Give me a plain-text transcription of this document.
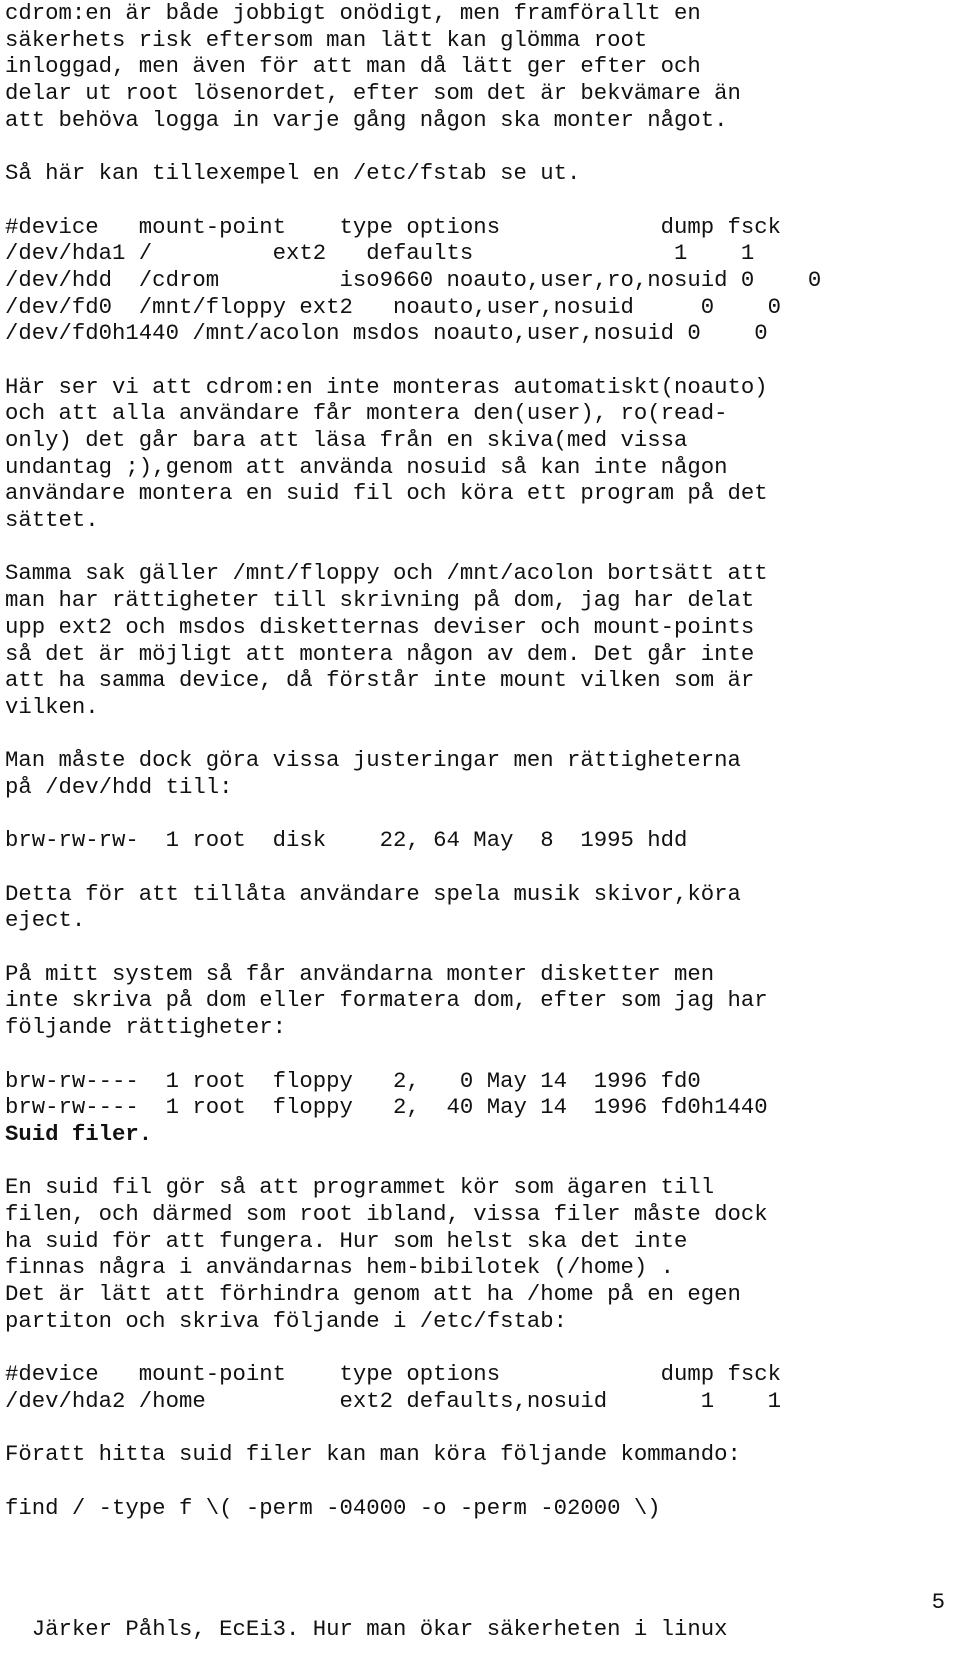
cdrom:en är både jobbigt onödigt, men framförallt en
säkerhets risk eftersom man lätt kan glömma root
inloggad, men även för att man då lätt ger efter och
delar ut root lösenordet, efter som det är bekvämare än
att behöva logga in varje gång någon ska monter något.
Så här kan tillexempel en /etc/fstab se ut.
#device   mount-point    type options            dump fsck
/dev/hda1 /         ext2   defaults               1    1
/dev/hdd  /cdrom         iso9660 noauto,user,ro,nosuid 0    0
/dev/fd0  /mnt/floppy ext2   noauto,user,nosuid     0    0
/dev/fd0h1440 /mnt/acolon msdos noauto,user,nosuid 0    0
Här ser vi att cdrom:en inte monteras automatiskt(noauto)
och att alla användare får montera den(user), ro(read-
only) det går bara att läsa från en skiva(med vissa
undantag ;),genom att använda nosuid så kan inte någon
användare montera en suid fil och köra ett program på det
sättet.
Samma sak gäller /mnt/floppy och /mnt/acolon bortsätt att
man har rättigheter till skrivning på dom, jag har delat
upp ext2 och msdos disketternas deviser och mount-points
så det är möjligt att montera någon av dem. Det går inte
att ha samma device, då förstår inte mount vilken som är
vilken.
Man måste dock göra vissa justeringar men rättigheterna
på /dev/hdd till:
brw-rw-rw-  1 root  disk    22, 64 May  8  1995 hdd
Detta för att tillåta användare spela musik skivor,köra
eject.
På mitt system så får användarna monter disketter men
inte skriva på dom eller formatera dom, efter som jag har
följande rättigheter:
brw-rw----  1 root  floppy   2,   0 May 14  1996 fd0
brw-rw----  1 root  floppy   2,  40 May 14  1996 fd0h1440
Suid filer.
En suid fil gör så att programmet kör som ägaren till
filen, och därmed som root ibland, vissa filer måste dock
ha suid för att fungera. Hur som helst ska det inte
finnas några i användarnas hem-bibilotek (/home) .
Det är lätt att förhindra genom att ha /home på en egen
partiton och skriva följande i /etc/fstab:
#device   mount-point    type options            dump fsck
/dev/hda2 /home          ext2 defaults,nosuid       1    1
Föratt hitta suid filer kan man köra följande kommando:
find / -type f \( -perm -04000 -o -perm -02000 \)

Järker Påhls, EcEi3. Hur man ökar säkerheten i linux

5
